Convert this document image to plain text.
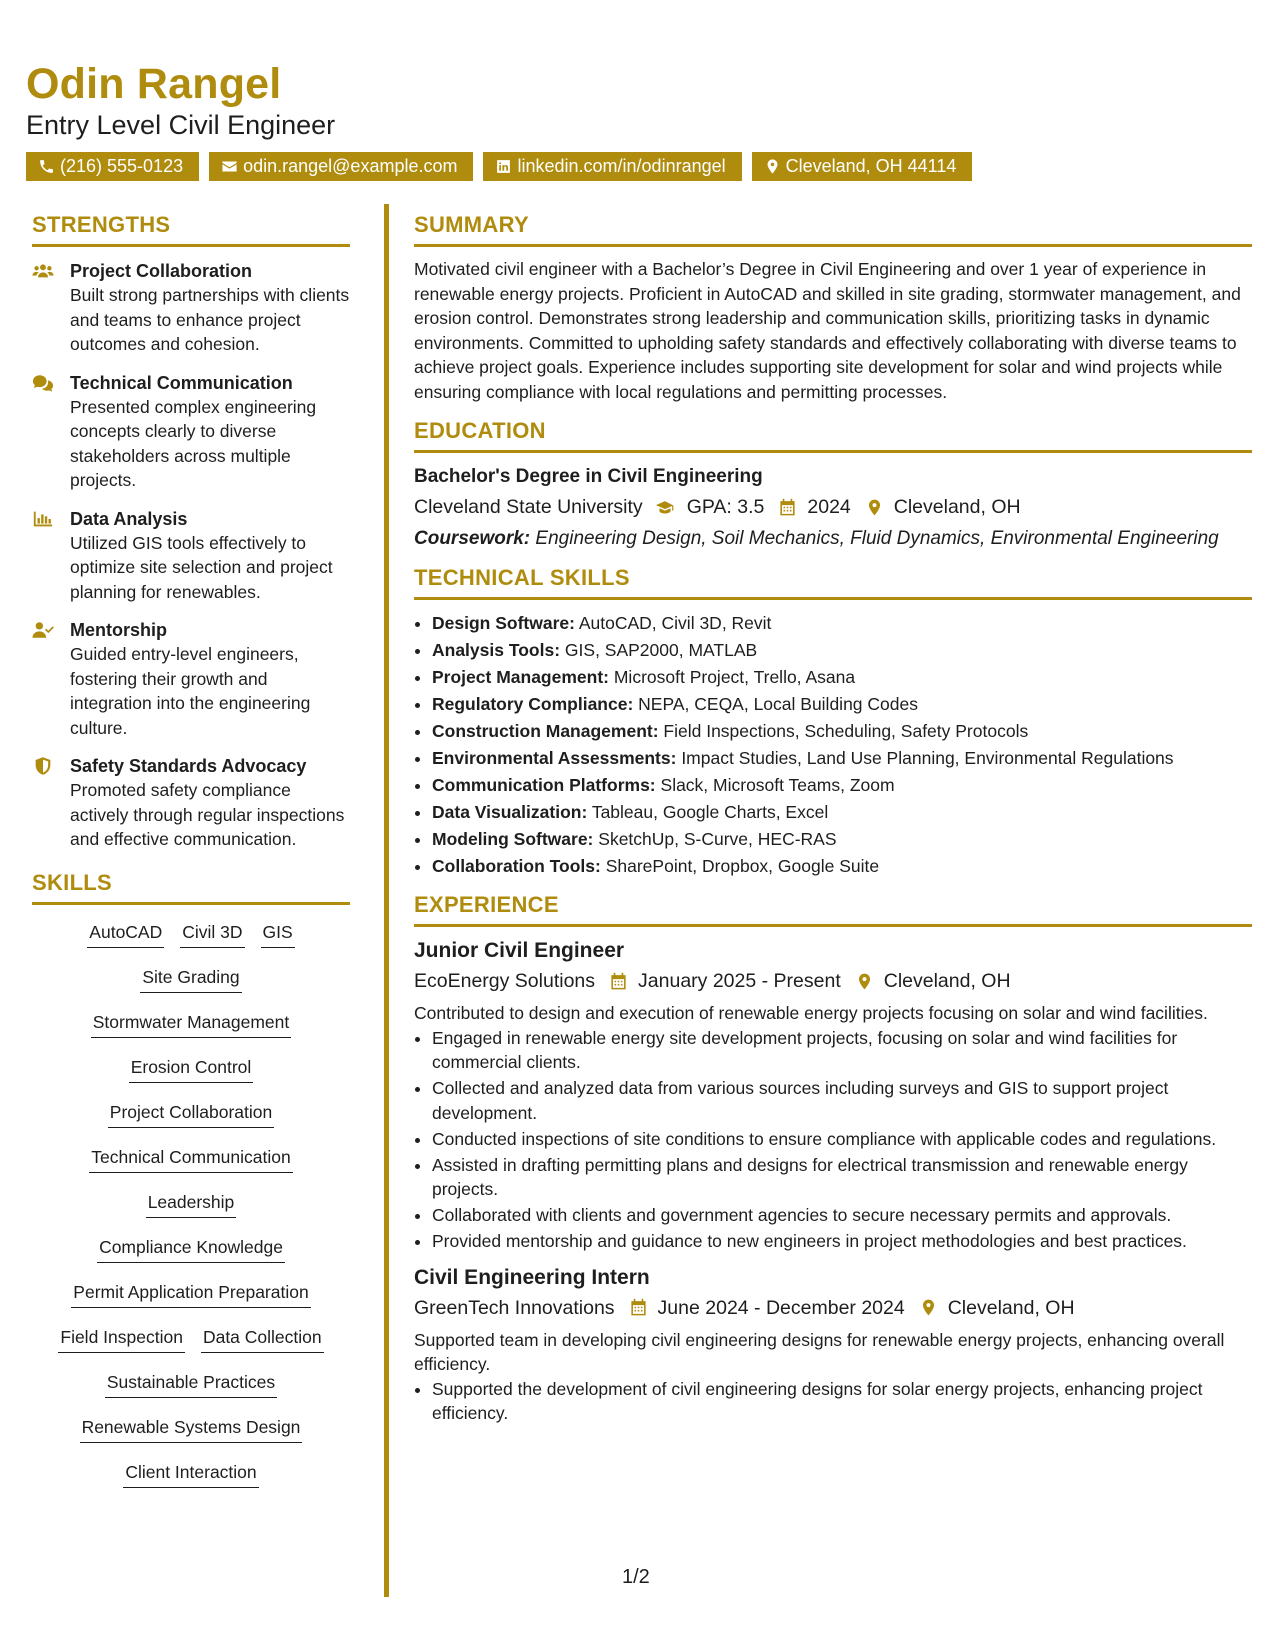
Odin Rangel
Entry Level Civil Engineer
(216) 555-0123	odin.rangel@example.com	linkedin.com/in/odinrangel	Cleveland, OH 44114
STRENGTHS
Project Collaboration
Built strong partnerships with clients and teams to enhance project outcomes and cohesion.
Technical Communication
Presented complex engineering concepts clearly to diverse stakeholders across multiple projects.
Data Analysis
Utilized GIS tools effectively to optimize site selection and project planning for renewables.
Mentorship
Guided entry-level engineers, fostering their growth and integration into the engineering culture.
Safety Standards Advocacy
Promoted safety compliance actively through regular inspections and effective communication.
SKILLS
AutoCAD Civil 3D GIS
Site Grading
Stormwater Management
Erosion Control
Project Collaboration
Technical Communication
Leadership
Compliance Knowledge
Permit Application Preparation
Field Inspection Data Collection
Sustainable Practices
Renewable Systems Design
Client Interaction
SUMMARY
Motivated civil engineer with a Bachelor’s Degree in Civil Engineering and over 1 year of experience in renewable energy projects. Proficient in AutoCAD and skilled in site grading, stormwater management, and erosion control. Demonstrates strong leadership and communication skills, prioritizing tasks in dynamic environments. Committed to upholding safety standards and effectively collaborating with diverse teams to achieve project goals. Experience includes supporting site development for solar and wind projects while ensuring compliance with local regulations and permitting processes.
EDUCATION
Bachelor's Degree in Civil Engineering
Cleveland State University GPA: 3.5 2024 Cleveland, OH
Coursework: Engineering Design, Soil Mechanics, Fluid Dynamics, Environmental Engineering
TECHNICAL SKILLS
• Design Software: AutoCAD, Civil 3D, Revit
• Analysis Tools: GIS, SAP2000, MATLAB
• Project Management: Microsoft Project, Trello, Asana
• Regulatory Compliance: NEPA, CEQA, Local Building Codes
• Construction Management: Field Inspections, Scheduling, Safety Protocols
• Environmental Assessments: Impact Studies, Land Use Planning, Environmental Regulations
• Communication Platforms: Slack, Microsoft Teams, Zoom
• Data Visualization: Tableau, Google Charts, Excel
• Modeling Software: SketchUp, S-Curve, HEC-RAS
• Collaboration Tools: SharePoint, Dropbox, Google Suite
EXPERIENCE
Junior Civil Engineer
EcoEnergy Solutions January 2025 - Present Cleveland, OH
Contributed to design and execution of renewable energy projects focusing on solar and wind facilities.
• Engaged in renewable energy site development projects, focusing on solar and wind facilities for commercial clients.
• Collected and analyzed data from various sources including surveys and GIS to support project development.
• Conducted inspections of site conditions to ensure compliance with applicable codes and regulations.
• Assisted in drafting permitting plans and designs for electrical transmission and renewable energy projects.
• Collaborated with clients and government agencies to secure necessary permits and approvals.
• Provided mentorship and guidance to new engineers in project methodologies and best practices.
Civil Engineering Intern
GreenTech Innovations June 2024 - December 2024 Cleveland, OH
Supported team in developing civil engineering designs for renewable energy projects, enhancing overall efficiency.
• Supported the development of civil engineering designs for solar energy projects, enhancing project efficiency.
1/2
